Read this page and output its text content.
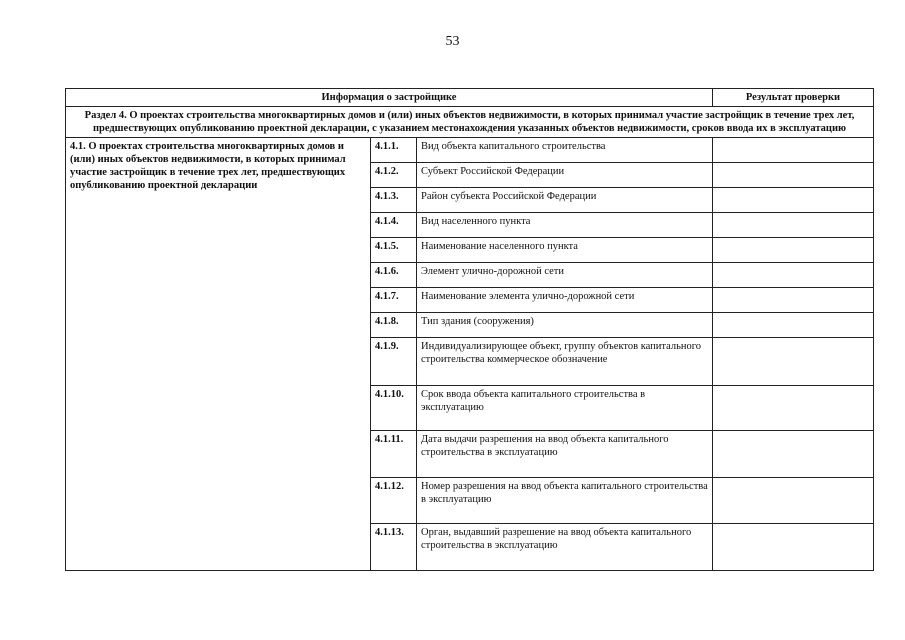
53
Информация о застройщике			Результат проверки
Раздел 4. О проектах строительства многоквартирных домов и (или) иных объектов недвижимости, в которых принимал участие застройщик в течение трех лет, предшествующих опубликованию проектной декларации, с указанием местонахождения указанных объектов недвижимости, сроков ввода их в эксплуатацию			
4.1. О проектах строительства многоквартирных домов и (или) иных объектов недвижимости, в которых принимал участие застройщик в течение трех лет, предшествующих опубликованию проектной декларации	4.1.1.	Вид объекта капитального строительства	
	4.1.2.	Субъект Российской Федерации	
	4.1.3.	Район субъекта Российской Федерации	
	4.1.4.	Вид населенного пункта	
	4.1.5.	Наименование населенного пункта	
	4.1.6.	Элемент улично-дорожной сети	
	4.1.7.	Наименование элемента улично-дорожной сети	
	4.1.8.	Тип здания (сооружения)	
	4.1.9.	Индивидуализирующее объект, группу объектов капитального строительства коммерческое обозначение	
	4.1.10.	Срок ввода объекта капитального строительства в эксплуатацию	
	4.1.11.	Дата выдачи разрешения на ввод объекта капитального строительства в эксплуатацию	
	4.1.12.	Номер разрешения на ввод объекта капитального строительства в эксплуатацию	
	4.1.13.	Орган, выдавший разрешение на ввод объекта капитального строительства в эксплуатацию	
